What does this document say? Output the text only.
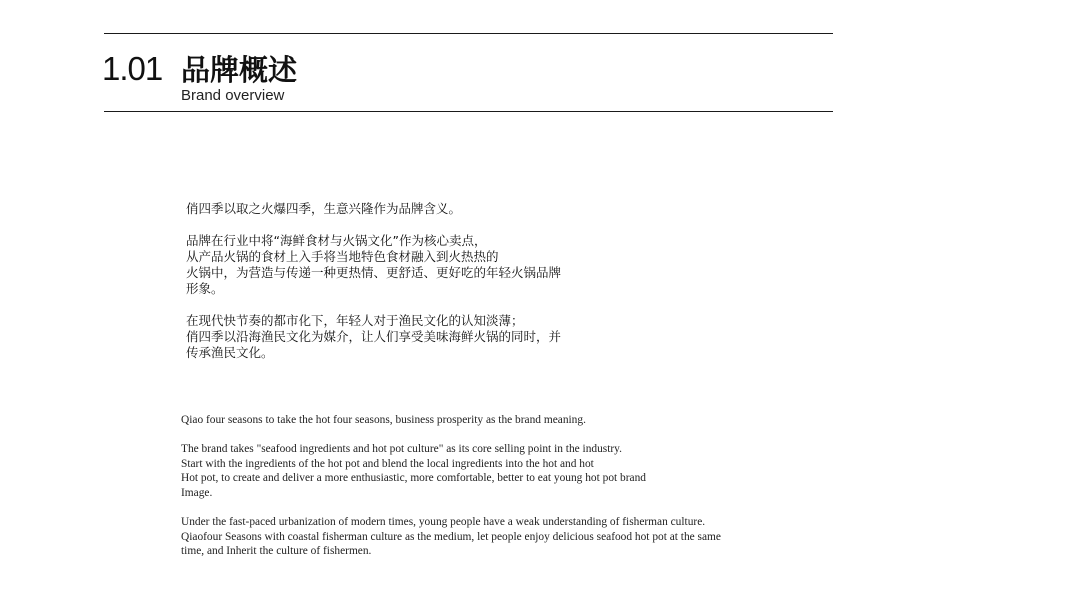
1.01 品牌概述
Brand overview

俏四季以取之火爆四季，生意兴隆作为品牌含义。

品牌在行业中将“海鲜食材与火锅文化”作为核心卖点，
从产品火锅的食材上入手将当地特色食材融入到火热热的
火锅中，为营造与传递一种更热情、更舒适、更好吃的年轻火锅品牌
形象。

在现代快节奏的都市化下，年轻人对于渔民文化的认知淡薄；
俏四季以沿海渔民文化为媒介，让人们享受美味海鲜火锅的同时，并
传承渔民文化。

Qiao four seasons to take the hot four seasons, business prosperity as the brand meaning.

The brand takes "seafood ingredients and hot pot culture" as its core selling point in the industry.
Start with the ingredients of the hot pot and blend the local ingredients into the hot and hot
Hot pot, to create and deliver a more enthusiastic, more comfortable, better to eat young hot pot brand
Image.

Under the fast-paced urbanization of modern times, young people have a weak understanding of fisherman culture.
Qiaofour Seasons with coastal fisherman culture as the medium, let people enjoy delicious seafood hot pot at the same
time, and Inherit the culture of fishermen.
